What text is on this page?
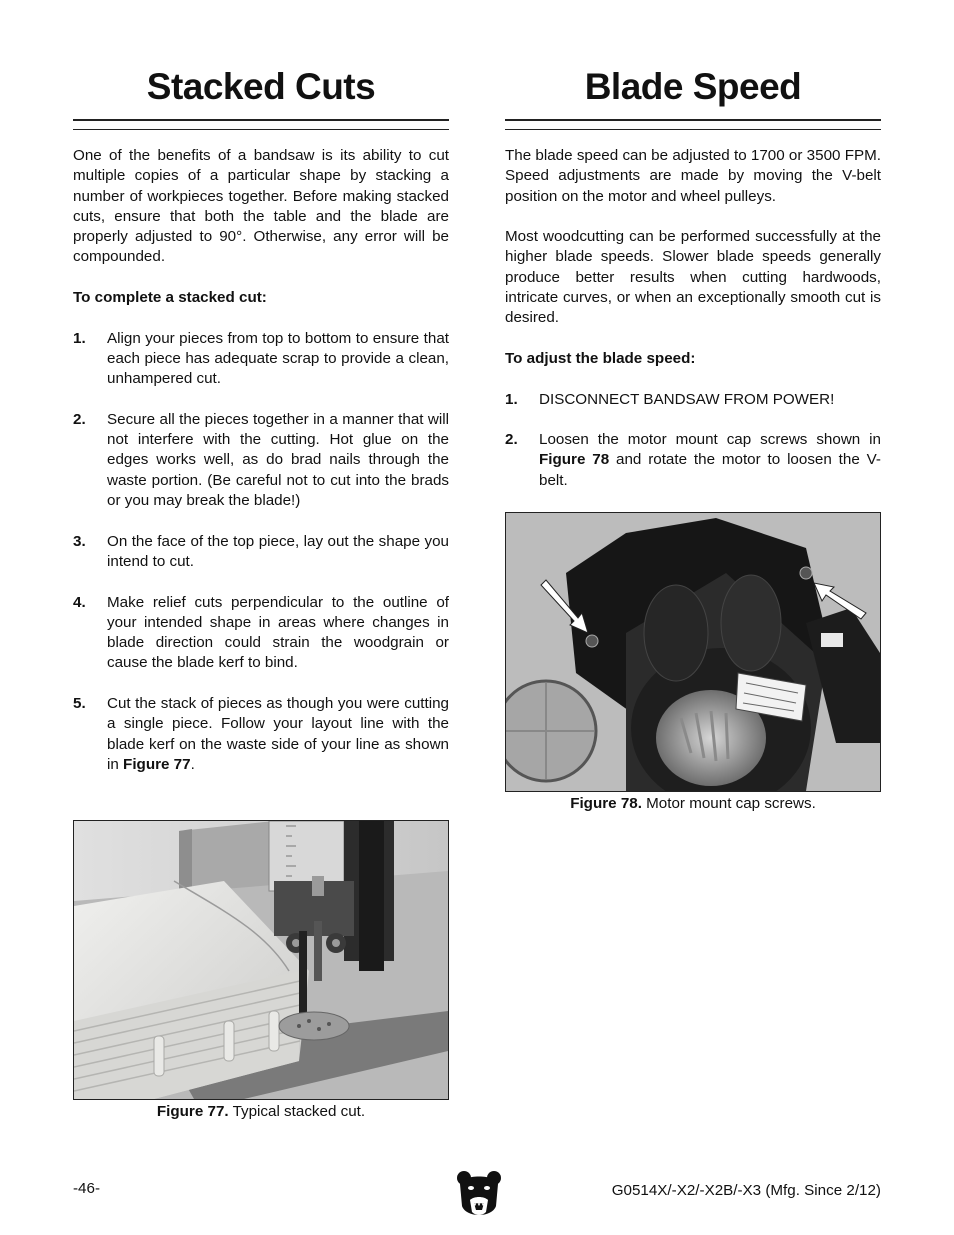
Stacked Cuts

One of the benefits of a bandsaw is its ability to cut multiple copies of a particular shape by stacking a number of workpieces together. Before making stacked cuts, ensure that both the table and the blade are properly adjusted to 90°. Otherwise, any error will be compounded.

To complete a stacked cut:

1.	Align your pieces from top to bottom to ensure that each piece has adequate scrap to provide a clean, unhampered cut.
2.	Secure all the pieces together in a manner that will not interfere with the cutting. Hot glue on the edges works well, as do brad nails through the waste portion. (Be careful not to cut into the brads or you may break the blade!)
3.	On the face of the top piece, lay out the shape you intend to cut.
4.	Make relief cuts perpendicular to the outline of your intended shape in areas where changes in blade direction could strain the woodgrain or cause the blade kerf to bind.
5.	Cut the stack of pieces as though you were cutting a single piece. Follow your layout line with the blade kerf on the waste side of your line as shown in Figure 77.
Figure 77. Typical stacked cut.
Blade Speed

The blade speed can be adjusted to 1700 or 3500 FPM. Speed adjustments are made by moving the V-belt position on the motor and wheel pulleys.

Most woodcutting can be performed successfully at the higher blade speeds. Slower blade speeds generally produce better results when cutting hardwoods, intricate curves, or when an exceptionally smooth cut is desired.

To adjust the blade speed:

1.	DISCONNECT BANDSAW FROM POWER!
2.	Loosen the motor mount cap screws shown in Figure 78 and rotate the motor to loosen the V-belt.
Figure 78. Motor mount cap screws.
-46-	G0514X/-X2/-X2B/-X3 (Mfg. Since 2/12)
